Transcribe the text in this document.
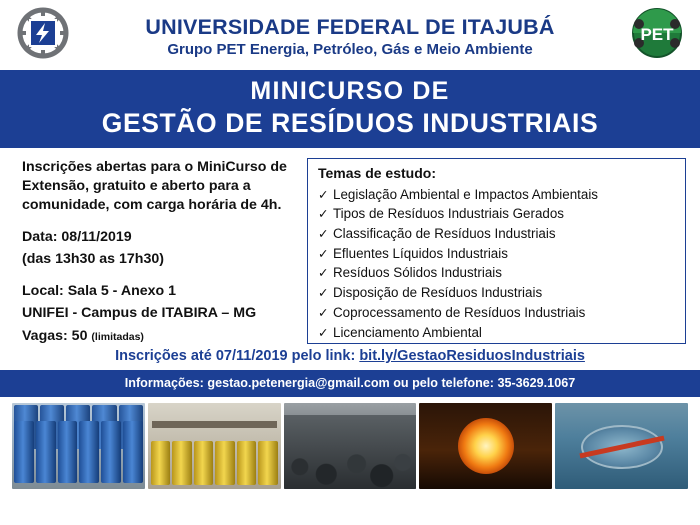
UNIVERSIDADE FEDERAL DE ITAJUBÁ
Grupo PET Energia, Petróleo, Gás e Meio Ambiente
PET
MINICURSO DE
GESTÃO DE RESÍDUOS INDUSTRIAIS
Inscrições abertas para o MiniCurso de Extensão, gratuito e aberto para a comunidade, com carga horária de 4h.
Data: 08/11/2019
(das 13h30 as 17h30)
Local: Sala 5 - Anexo 1
UNIFEI - Campus de ITABIRA – MG
Vagas: 50 (limitadas)
Temas de estudo:
✓ Legislação Ambiental e Impactos Ambientais
✓ Tipos de Resíduos Industriais Gerados
✓ Classificação de Resíduos Industriais
✓ Efluentes Líquidos Industriais
✓ Resíduos Sólidos Industriais
✓ Disposição de Resíduos Industriais
✓ Coprocessamento de Resíduos Industriais
✓ Licenciamento Ambiental
Inscrições até 07/11/2019 pelo link: bit.ly/GestaoResiduosIndustriais
Informações: gestao.petenergia@gmail.com ou pelo telefone: 35-3629.1067
